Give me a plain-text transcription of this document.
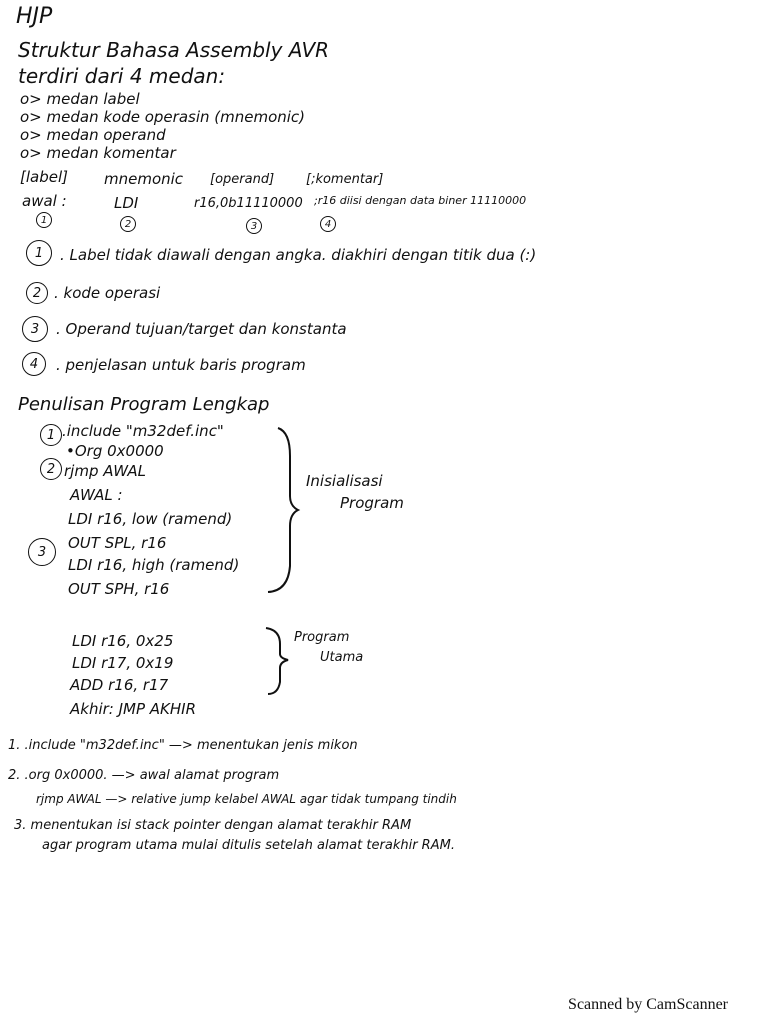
HJP
Struktur Bahasa Assembly AVR
terdiri dari 4 medan:
o> medan label
o> medan kode operasin (mnemonic)
o> medan operand
o> medan komentar
[label] mnemonic [operand] [;komentar]
awal :	LDI	r16,0b11110000 ;r16 diisi dengan data biner 11110000
1	2	3	4
1	. Label tidak diawali dengan angka. diakhiri dengan titik dua (:)
2 . kode operasi
3	. Operand tujuan/target dan konstanta
4	. penjelasan untuk baris program
Penulisan Program Lengkap
1
2
3
.include "m32def.inc"
•Org 0x0000
rjmp AWAL
AWAL :
LDI r16, low (ramend)
OUT SPL, r16
LDI r16, high (ramend)
OUT SPH, r16
Inisialisasi
Program
LDI r16, 0x25
LDI r17, 0x19
ADD r16, r17
Akhir: JMP AKHIR
Program
Utama
1. .include "m32def.inc" —> menentukan jenis mikon
2. .org 0x0000. —> awal alamat program
rjmp AWAL —> relative jump kelabel AWAL agar tidak tumpang tindih
3. menentukan isi stack pointer dengan alamat terakhir RAM
agar program utama mulai ditulis setelah alamat terakhir RAM.
Scanned by CamScanner
